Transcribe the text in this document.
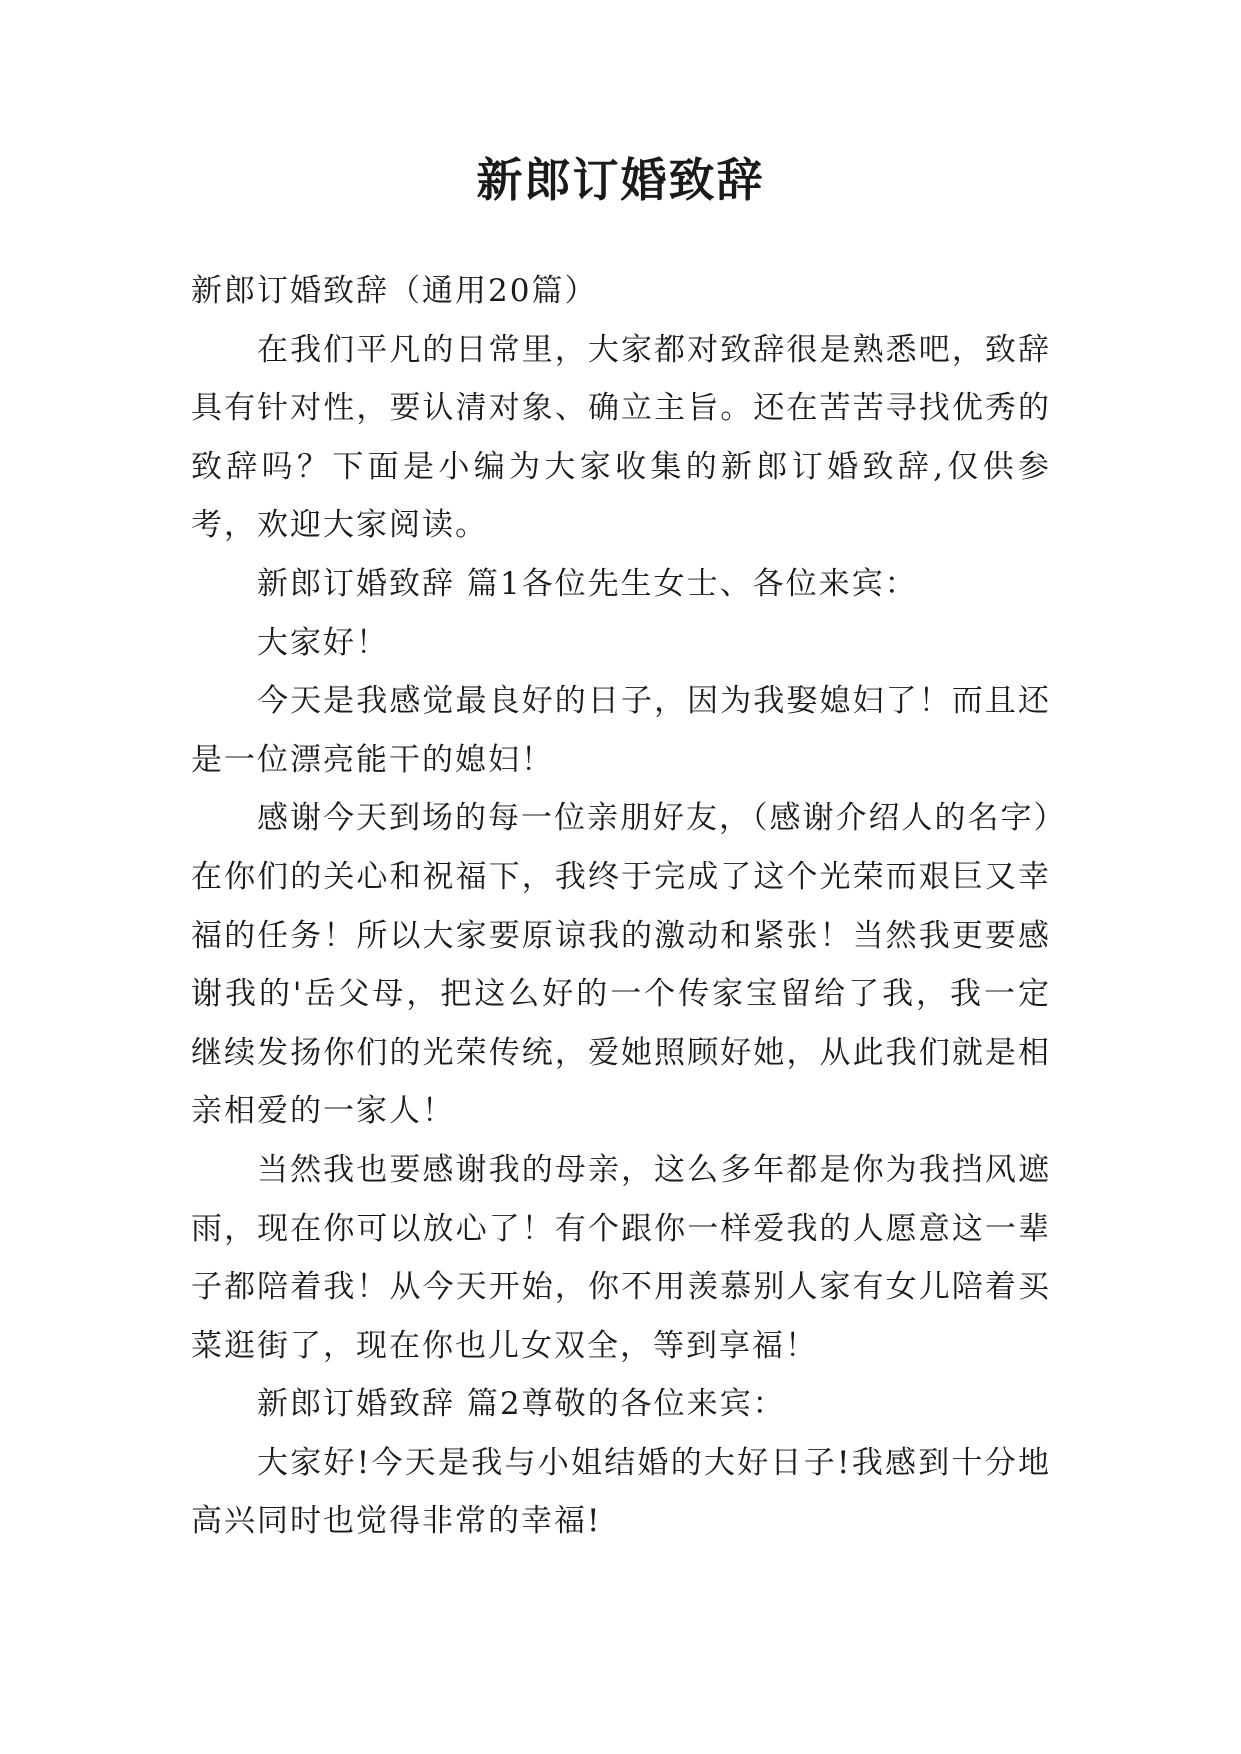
新郎订婚致辞

新郎订婚致辞（通用20篇）

在我们平凡的日常里，大家都对致辞很是熟悉吧，致辞具有针对性，要认清对象、确立主旨。还在苦苦寻找优秀的致辞吗？下面是小编为大家收集的新郎订婚致辞,仅供参考，欢迎大家阅读。

新郎订婚致辞 篇1各位先生女士、各位来宾：

大家好！

今天是我感觉最良好的日子，因为我娶媳妇了！而且还是一位漂亮能干的媳妇！

感谢今天到场的每一位亲朋好友，（感谢介绍人的名字）在你们的关心和祝福下，我终于完成了这个光荣而艰巨又幸福的任务！所以大家要原谅我的激动和紧张！当然我更要感谢我的'岳父母，把这么好的一个传家宝留给了我，我一定继续发扬你们的光荣传统，爱她照顾好她，从此我们就是相亲相爱的一家人！

当然我也要感谢我的母亲，这么多年都是你为我挡风遮雨，现在你可以放心了！有个跟你一样爱我的人愿意这一辈子都陪着我！从今天开始，你不用羡慕别人家有女儿陪着买菜逛街了，现在你也儿女双全，等到享福！

新郎订婚致辞 篇2尊敬的各位来宾：

大家好!今天是我与小姐结婚的大好日子!我感到十分地高兴同时也觉得非常的幸福!
